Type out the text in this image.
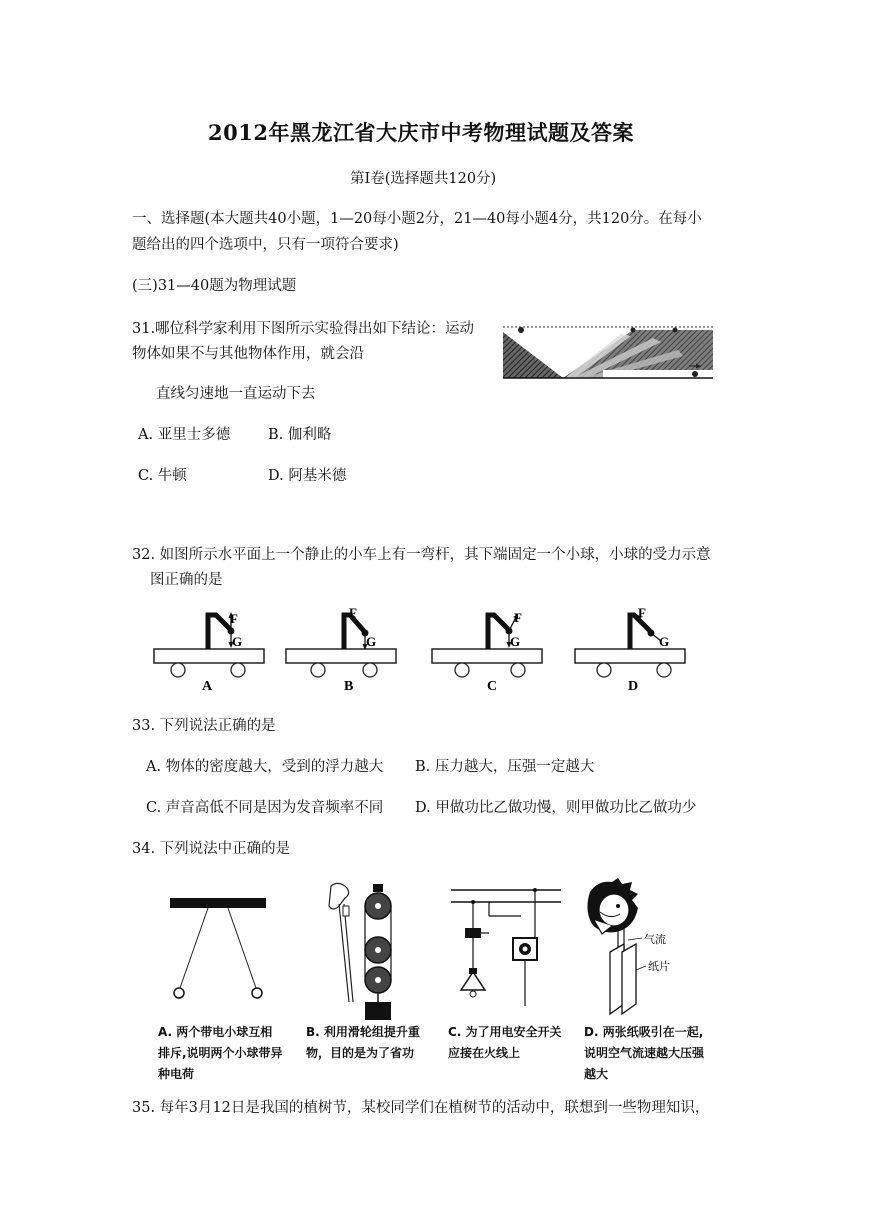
2012年黑龙江省大庆市中考物理试题及答案
第Ⅰ卷(选择题共120分)
一、选择题(本大题共40小题，1—20每小题2分，21—40每小题4分，共120分。在每小
题给出的四个选项中，只有一项符合要求)
(三)31—40题为物理试题
31.哪位科学家利用下图所示实验得出如下结论：运动
物体如果不与其他物体作用，就会沿
直线匀速地一直运动下去
A. 亚里士多德	B. 伽利略
C. 牛顿	D. 阿基米德
32. 如图所示水平面上一个静止的小车上有一弯杆，其下端固定一个小球，小球的受力示意
图正确的是
F
G
A
F
G
B
F
G
C
F
G
D
33. 下列说法正确的是
A. 物体的密度越大，受到的浮力越大 B. 压力越大，压强一定越大
C. 声音高低不同是因为发音频率不同 D. 甲做功比乙做功慢，则甲做功比乙做功少
34. 下列说法中正确的是
A. 两个带电小球互相排斥,说明两个小球带异种电荷
B. 利用滑轮组提升重物，目的是为了省功
C. 为了用电安全开关应接在火线上
气流
纸片
D. 两张纸吸引在一起,说明空气流速越大压强越大
35. 每年3月12日是我国的植树节，某校同学们在植树节的活动中，联想到一些物理知识，
